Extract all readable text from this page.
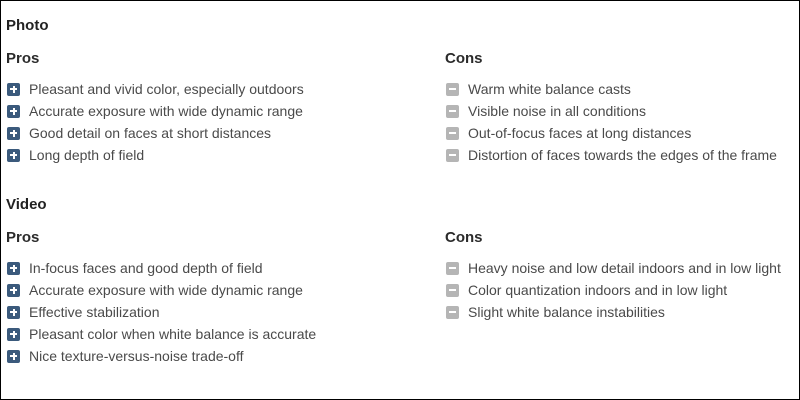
Photo
Pros	Cons
Pleasant and vivid color, especially outdoors
Accurate exposure with wide dynamic range
Good detail on faces at short distances
Long depth of field
Warm white balance casts
Visible noise in all conditions
Out-of-focus faces at long distances
Distortion of faces towards the edges of the frame
Video
Pros	Cons
In-focus faces and good depth of field
Accurate exposure with wide dynamic range
Effective stabilization
Pleasant color when white balance is accurate
Nice texture-versus-noise trade-off
Heavy noise and low detail indoors and in low light
Color quantization indoors and in low light
Slight white balance instabilities
